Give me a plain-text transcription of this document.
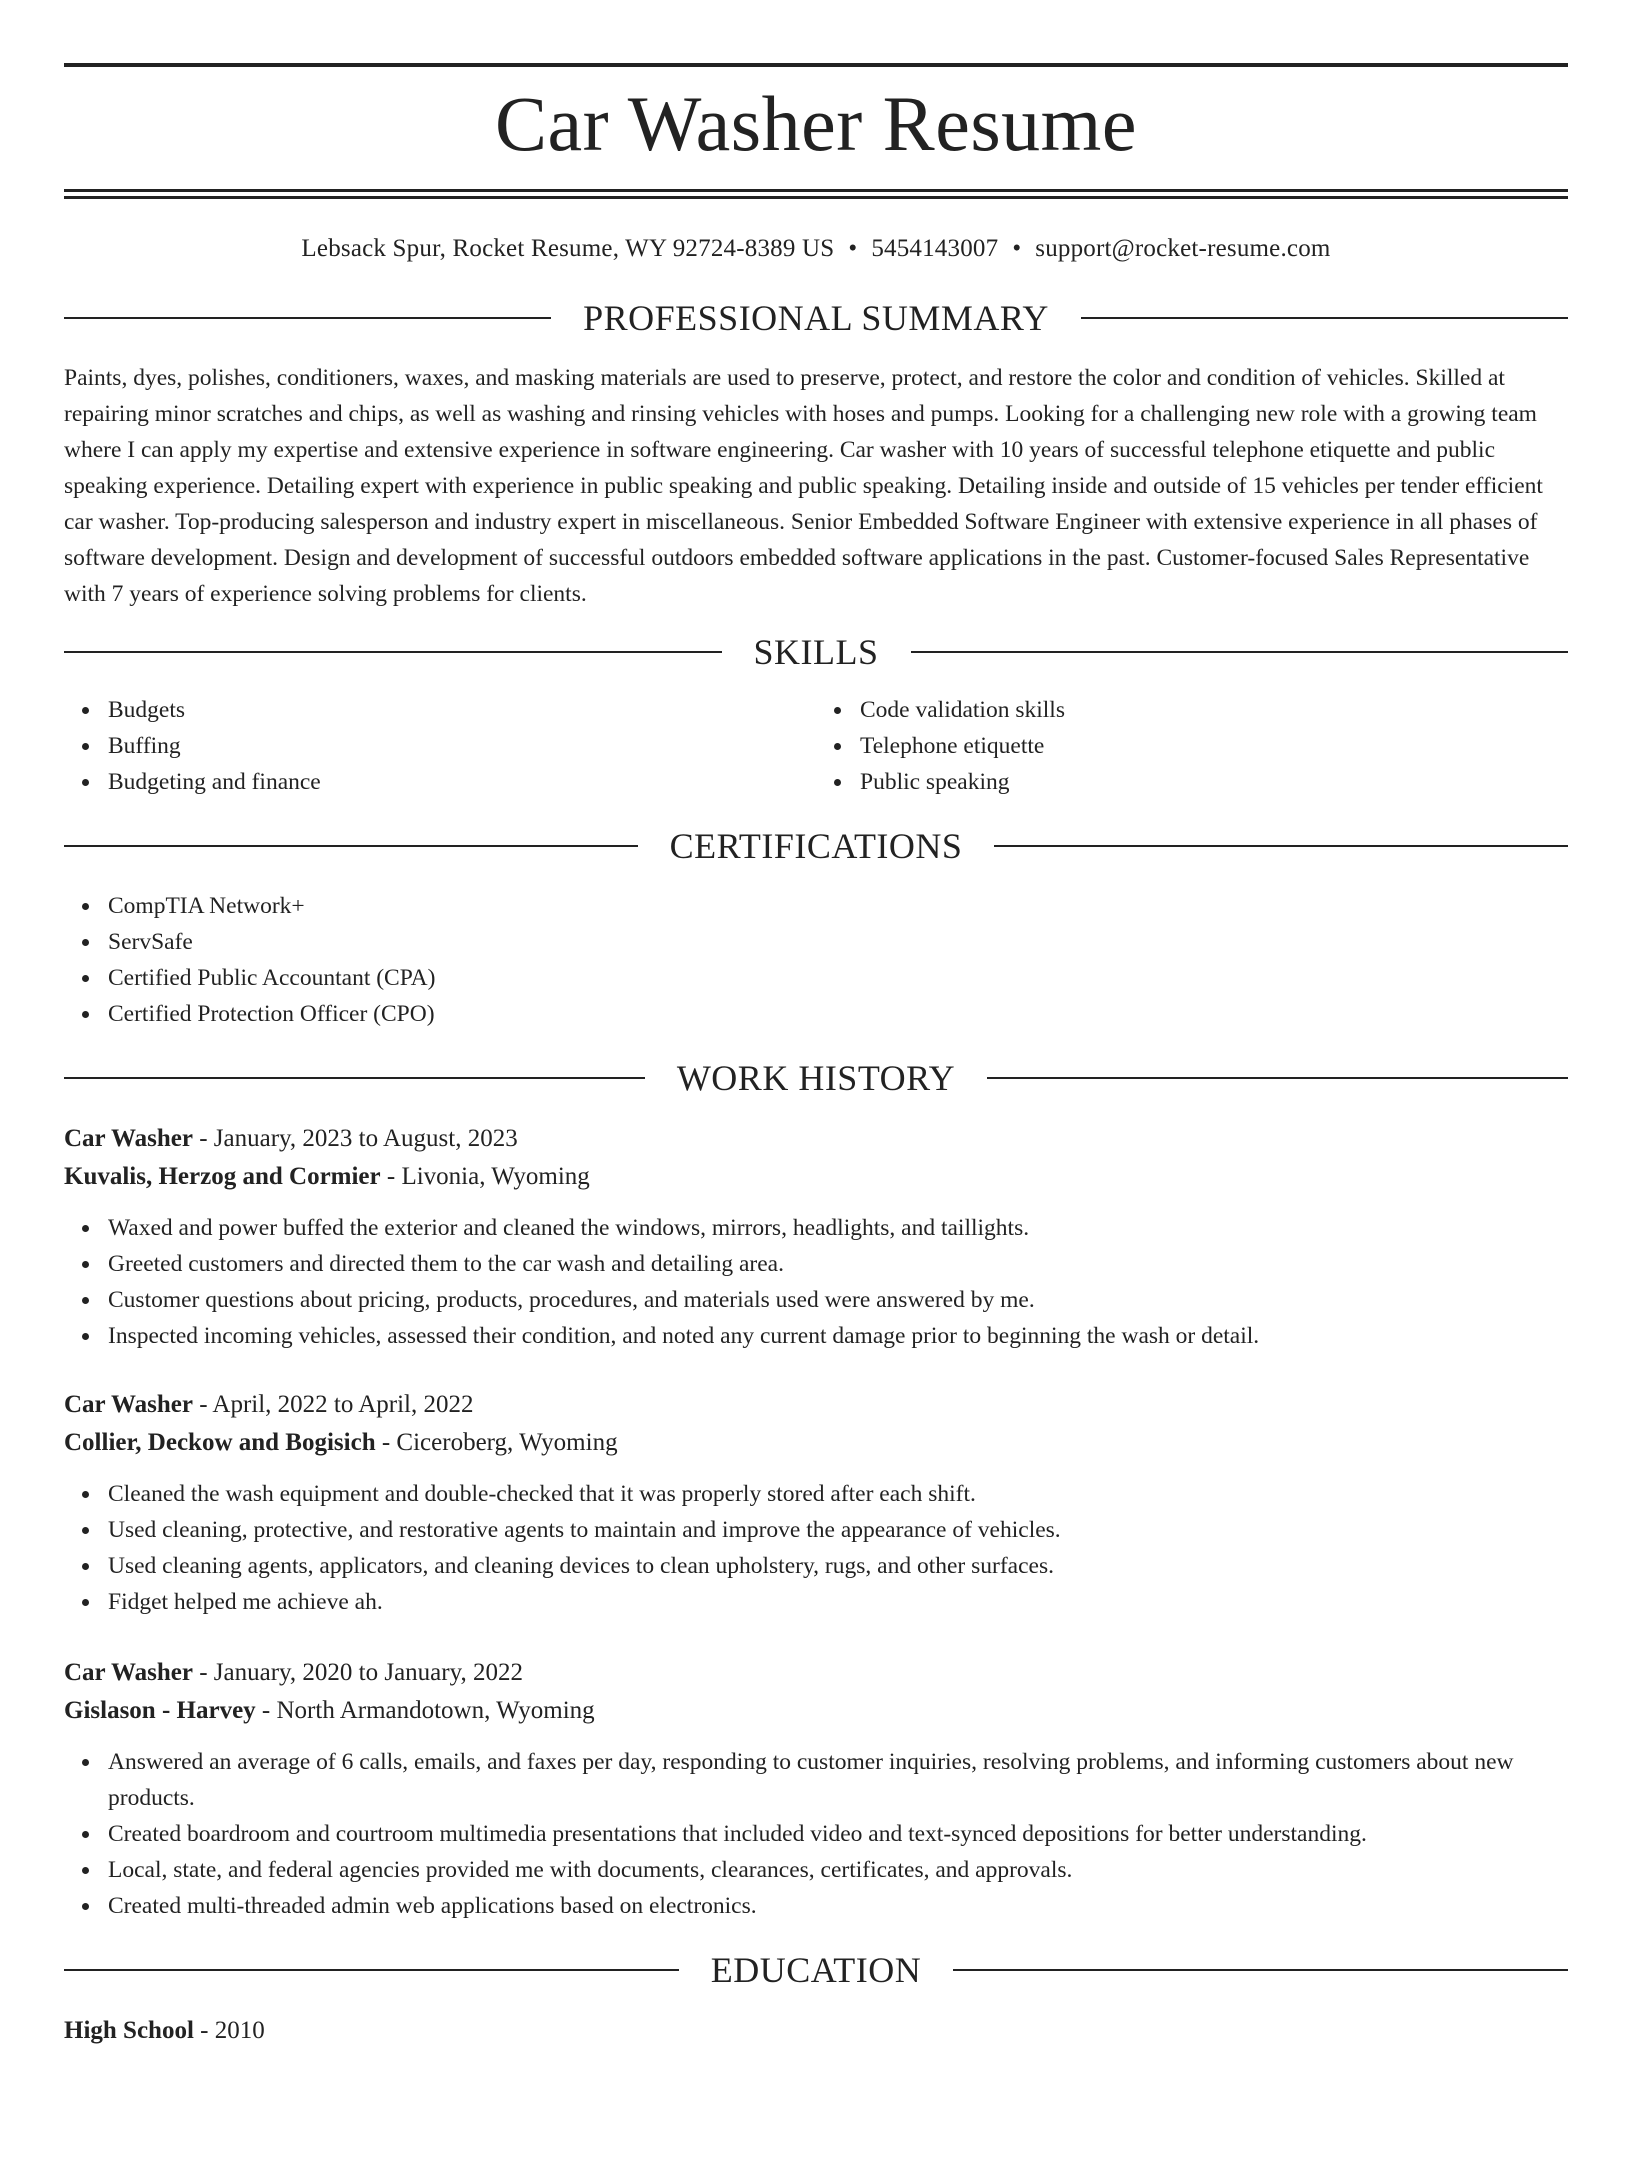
Car Washer Resume
Lebsack Spur, Rocket Resume, WY 92724-8389 US • 5454143007 • support@rocket-resume.com
PROFESSIONAL SUMMARY

Paints, dyes, polishes, conditioners, waxes, and masking materials are used to preserve, protect, and restore the color and condition of vehicles. Skilled at repairing minor scratches and chips, as well as washing and rinsing vehicles with hoses and pumps. Looking for a challenging new role with a growing team where I can apply my expertise and extensive experience in software engineering. Car washer with 10 years of successful telephone etiquette and public speaking experience. Detailing expert with experience in public speaking and public speaking. Detailing inside and outside of 15 vehicles per tender efficient car washer. Top-producing salesperson and industry expert in miscellaneous. Senior Embedded Software Engineer with extensive experience in all phases of software development. Design and development of successful outdoors embedded software applications in the past. Customer-focused Sales Representative with 7 years of experience solving problems for clients.

SKILLS
Budgets
Buffing
Budgeting and finance
Code validation skills
Telephone etiquette
Public speaking
CERTIFICATIONS
CompTIA Network+
ServSafe
Certified Public Accountant (CPA)
Certified Protection Officer (CPO)
WORK HISTORY
Car Washer - January, 2023 to August, 2023
Kuvalis, Herzog and Cormier - Livonia, Wyoming
Waxed and power buffed the exterior and cleaned the windows, mirrors, headlights, and taillights.
Greeted customers and directed them to the car wash and detailing area.
Customer questions about pricing, products, procedures, and materials used were answered by me.
Inspected incoming vehicles, assessed their condition, and noted any current damage prior to beginning the wash or detail.
Car Washer - April, 2022 to April, 2022
Collier, Deckow and Bogisich - Ciceroberg, Wyoming
Cleaned the wash equipment and double-checked that it was properly stored after each shift.
Used cleaning, protective, and restorative agents to maintain and improve the appearance of vehicles.
Used cleaning agents, applicators, and cleaning devices to clean upholstery, rugs, and other surfaces.
Fidget helped me achieve ah.
Car Washer - January, 2020 to January, 2022
Gislason - Harvey - North Armandotown, Wyoming
Answered an average of 6 calls, emails, and faxes per day, responding to customer inquiries, resolving problems, and informing customers about new products.
Created boardroom and courtroom multimedia presentations that included video and text-synced depositions for better understanding.
Local, state, and federal agencies provided me with documents, clearances, certificates, and approvals.
Created multi-threaded admin web applications based on electronics.
EDUCATION
High School - 2010
